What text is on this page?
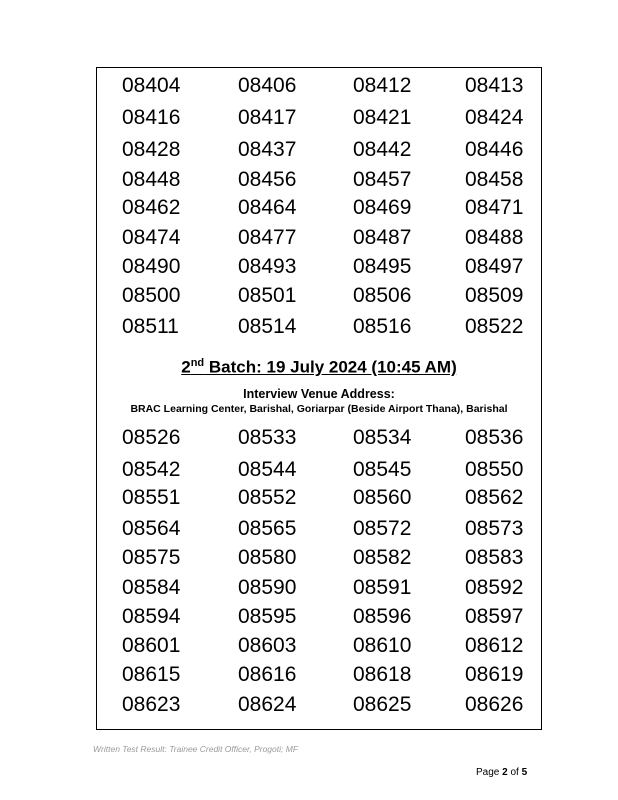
08404	08406	08412	08413
08416	08417	08421	08424
08428	08437	08442	08446
08448	08456	08457	08458
08462	08464	08469	08471
08474	08477	08487	08488
08490	08493	08495	08497
08500	08501	08506	08509
08511	08514	08516	08522
2nd Batch: 19 July 2024 (10:45 AM)
Interview Venue Address:
BRAC Learning Center, Barishal, Goriarpar (Beside Airport Thana), Barishal
08526	08533	08534	08536
08542	08544	08545	08550
08551	08552	08560	08562
08564	08565	08572	08573
08575	08580	08582	08583
08584	08590	08591	08592
08594	08595	08596	08597
08601	08603	08610	08612
08615	08616	08618	08619
08623	08624	08625	08626
Written Test Result: Trainee Credit Officer, Progoti; MF
Page 2 of 5
